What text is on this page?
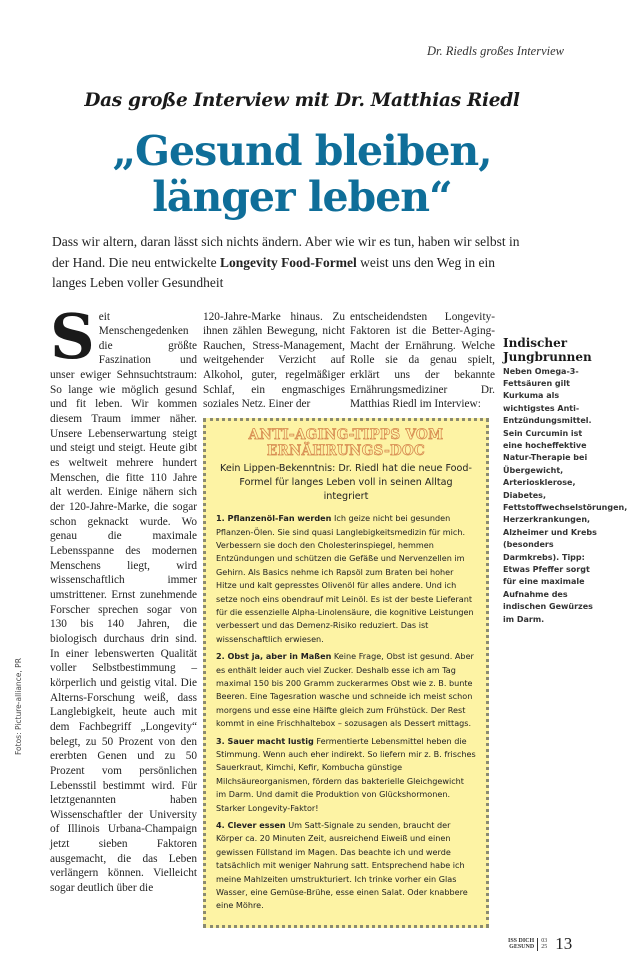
Dr. Riedls großes Interview
Das große Interview mit Dr. Matthias Riedl
„Gesund bleiben,
länger leben“
Dass wir altern, daran lässt sich nichts ändern. Aber wie wir es tun, haben wir selbst in der Hand. Die neu entwickelte Longevity Food-Formel weist uns den Weg in ein langes Leben voller Gesundheit
Seit Menschengedenken die größte Faszination und unser ewiger Sehnsuchtstraum: So lange wie möglich gesund und fit leben. Wir kommen diesem Traum immer näher. Unsere Lebenserwartung steigt und steigt und steigt. Heute gibt es weltweit mehrere hundert Menschen, die fitte 110 Jahre alt werden. Einige nähern sich der 120-Jahre-Marke, die sogar schon geknackt wurde. Wo genau die maximale Lebensspanne des modernen Menschens liegt, wird wissenschaftlich immer umstrittener. Ernst zunehmende Forscher sprechen sogar von 130 bis 140 Jahren, die biologisch durchaus drin sind. In einer lebenswerten Qualität voller Selbstbestimmung – körperlich und geistig vital. Die Alterns-Forschung weiß, dass Langlebigkeit, heute auch mit dem Fachbegriff „Longevity“ belegt, zu 50 Prozent von den ererbten Genen und zu 50 Prozent vom persönlichen Lebensstil bestimmt wird. Für letztgenannten haben Wissenschaftler der University of Illinois Urbana-Champaign jetzt sieben Faktoren ausgemacht, die das Leben verlängern können. Vielleicht sogar deutlich über die
120-Jahre-Marke hinaus. Zu ihnen zählen Bewegung, nicht Rauchen, Stress-Management, weitgehender Verzicht auf Alkohol, guter, regelmäßiger Schlaf, ein engmaschiges soziales Netz. Einer der
entscheidendsten Longevity-Faktoren ist die Better-Aging-Macht der Ernährung. Welche Rolle sie da genau spielt, erklärt uns der bekannte Ernährungsmediziner Dr. Matthias Riedl im Interview:
ANTI-AGING-TIPPS VOM
ERNÄHRUNGS-DOC
Kein Lippen-Bekenntnis: Dr. Riedl hat die neue Food-Formel für langes Leben voll in seinen Alltag integriert

1. Pflanzenöl-Fan werden Ich geize nicht bei gesunden Pflanzen-Ölen. Sie sind quasi Langlebigkeitsmedizin für mich. Verbessern sie doch den Cholesterinspiegel, hemmen Entzündungen und schützen die Gefäße und Nervenzellen im Gehirn. Als Basics nehme ich Rapsöl zum Braten bei hoher Hitze und kalt gepresstes Olivenöl für alles andere. Und ich setze noch eins obendrauf mit Leinöl. Es ist der beste Lieferant für die essenzielle Alpha-Linolensäure, die kognitive Leistungen verbessert und das Demenz-Risiko reduziert. Das ist wissenschaftlich erwiesen.

2. Obst ja, aber in Maßen Keine Frage, Obst ist gesund. Aber es enthält leider auch viel Zucker. Deshalb esse ich am Tag maximal 150 bis 200 Gramm zuckerarmes Obst wie z. B. bunte Beeren. Eine Tagesration wasche und schneide ich meist schon morgens und esse eine Hälfte gleich zum Frühstück. Der Rest kommt in eine Frischhaltebox – sozusagen als Dessert mittags.

3. Sauer macht lustig Fermentierte Lebensmittel heben die Stimmung. Wenn auch eher indirekt. So liefern mir z. B. frisches Sauerkraut, Kimchi, Kefir, Kombucha günstige Milchsäureorganismen, fördern das bakterielle Gleichgewicht im Darm. Und damit die Produktion von Glückshormonen. Starker Longevity-Faktor!

4. Clever essen Um Satt-Signale zu senden, braucht der Körper ca. 20 Minuten Zeit, ausreichend Eiweiß und einen gewissen Füllstand im Magen. Das beachte ich und werde tatsächlich mit weniger Nahrung satt. Entsprechend habe ich meine Mahlzeiten umstrukturiert. Ich trinke vorher ein Glas Wasser, eine Gemüse-Brühe, esse einen Salat. Oder knabbere eine Möhre.

Indischer Jungbrunnen
Neben Omega-3-Fettsäuren gilt Kurkuma als wichtigstes Anti-Entzündungsmittel. Sein Curcumin ist eine hocheffektive Natur-Therapie bei Übergewicht, Arteriosklerose, Diabetes, Fettstoffwechselstörungen, Herzerkrankungen, Alzheimer und Krebs (besonders Darmkrebs). Tipp: Etwas Pfeffer sorgt für eine maximale Aufnahme des indischen Gewürzes im Darm.
Fotos: Picture-alliance, PR
ISS DICH
GESUND
03
25 13
